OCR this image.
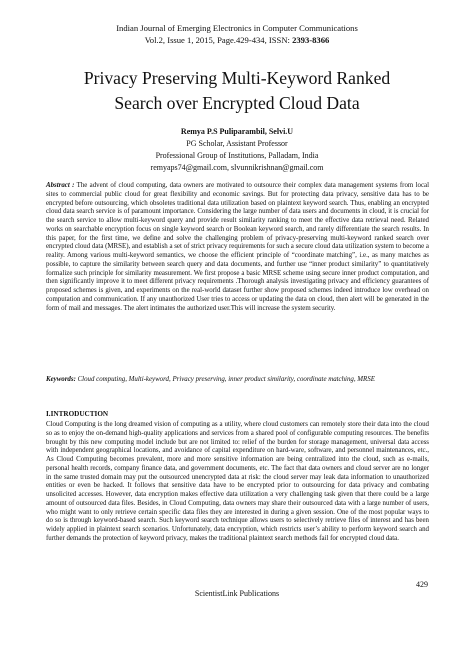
Indian Journal of Emerging Electronics in Computer Communications
Vol.2, Issue 1, 2015, Page.429-434, ISSN: 2393-8366
Privacy Preserving Multi-Keyword Ranked
Search over Encrypted Cloud Data
Remya P.S Puliparambil, Selvi.U
PG Scholar, Assistant Professor
Professional Group of Institutions, Palladam, India
remyaps74@gmail.com, slvunnikrishnan@gmail.com
Abstract : The advent of cloud computing, data owners are motivated to outsource their complex data management systems from local sites to commercial public cloud for great flexibility and economic savings. But for protecting data privacy, sensitive data has to be encrypted before outsourcing, which obsoletes traditional data utilization based on plaintext keyword search. Thus, enabling an encrypted cloud data search service is of paramount importance. Considering the large number of data users and documents in cloud, it is crucial for the search service to allow multi-keyword query and provide result similarity ranking to meet the effective data retrieval need. Related works on searchable encryption focus on single keyword search or Boolean keyword search, and rarely differentiate the search results. In this paper, for the first time, we define and solve the challenging problem of privacy-preserving multi-keyword ranked search over encrypted cloud data (MRSE), and establish a set of strict privacy requirements for such a secure cloud data utilization system to become a reality. Among various multi-keyword semantics, we choose the efficient principle of “coordinate matching”, i.e., as many matches as possible, to capture the similarity between search query and data documents, and further use “inner product similarity” to quantitatively formalize such principle for similarity measurement. We first propose a basic MRSE scheme using secure inner product computation, and then significantly improve it to meet different privacy requirements .Thorough analysis investigating privacy and efficiency guarantees of proposed schemes is given, and experiments on the real-world dataset further show proposed schemes indeed introduce low overhead on computation and communication. If any unauthorized User tries to access or updating the data on cloud, then alert will be generated in the form of mail and messages. The alert intimates the authorized user.This will increase the system security.
Keywords: Cloud computing, Multi-keyword, Privacy preserving, inner product similarity, coordinate matching, MRSE
I.INTRODUCTION
Cloud Computing is the long dreamed vision of computing as a utility, where cloud customers can remotely store their data into the cloud so as to enjoy the on-demand high-quality applications and services from a shared pool of configurable computing resources. The benefits brought by this new computing model include but are not limited to: relief of the burden for storage management, universal data access with independent geographical locations, and avoidance of capital expenditure on hard-ware, software, and personnel maintenances, etc., As Cloud Computing becomes prevalent, more and more sensitive information are being centralized into the cloud, such as e-mails, personal health records, company finance data, and government documents, etc. The fact that data owners and cloud server are no longer in the same trusted domain may put the outsourced unencrypted data at risk: the cloud server may leak data information to unauthorized entities or even be hacked. It follows that sensitive data have to be encrypted prior to outsourcing for data privacy and combating unsolicited accesses. However, data encryption makes effective data utilization a very challenging task given that there could be a large amount of outsourced data files. Besides, in Cloud Computing, data owners may share their outsourced data with a large number of users, who might want to only retrieve certain specific data files they are interested in during a given session. One of the most popular ways to do so is through keyword-based search. Such keyword search technique allows users to selectively retrieve files of interest and has been widely applied in plaintext search scenarios. Unfortunately, data encryption, which restricts user’s ability to perform keyword search and further demands the protection of keyword privacy, makes the traditional plaintext search methods fail for encrypted cloud data.
429
ScientistLink Publications
